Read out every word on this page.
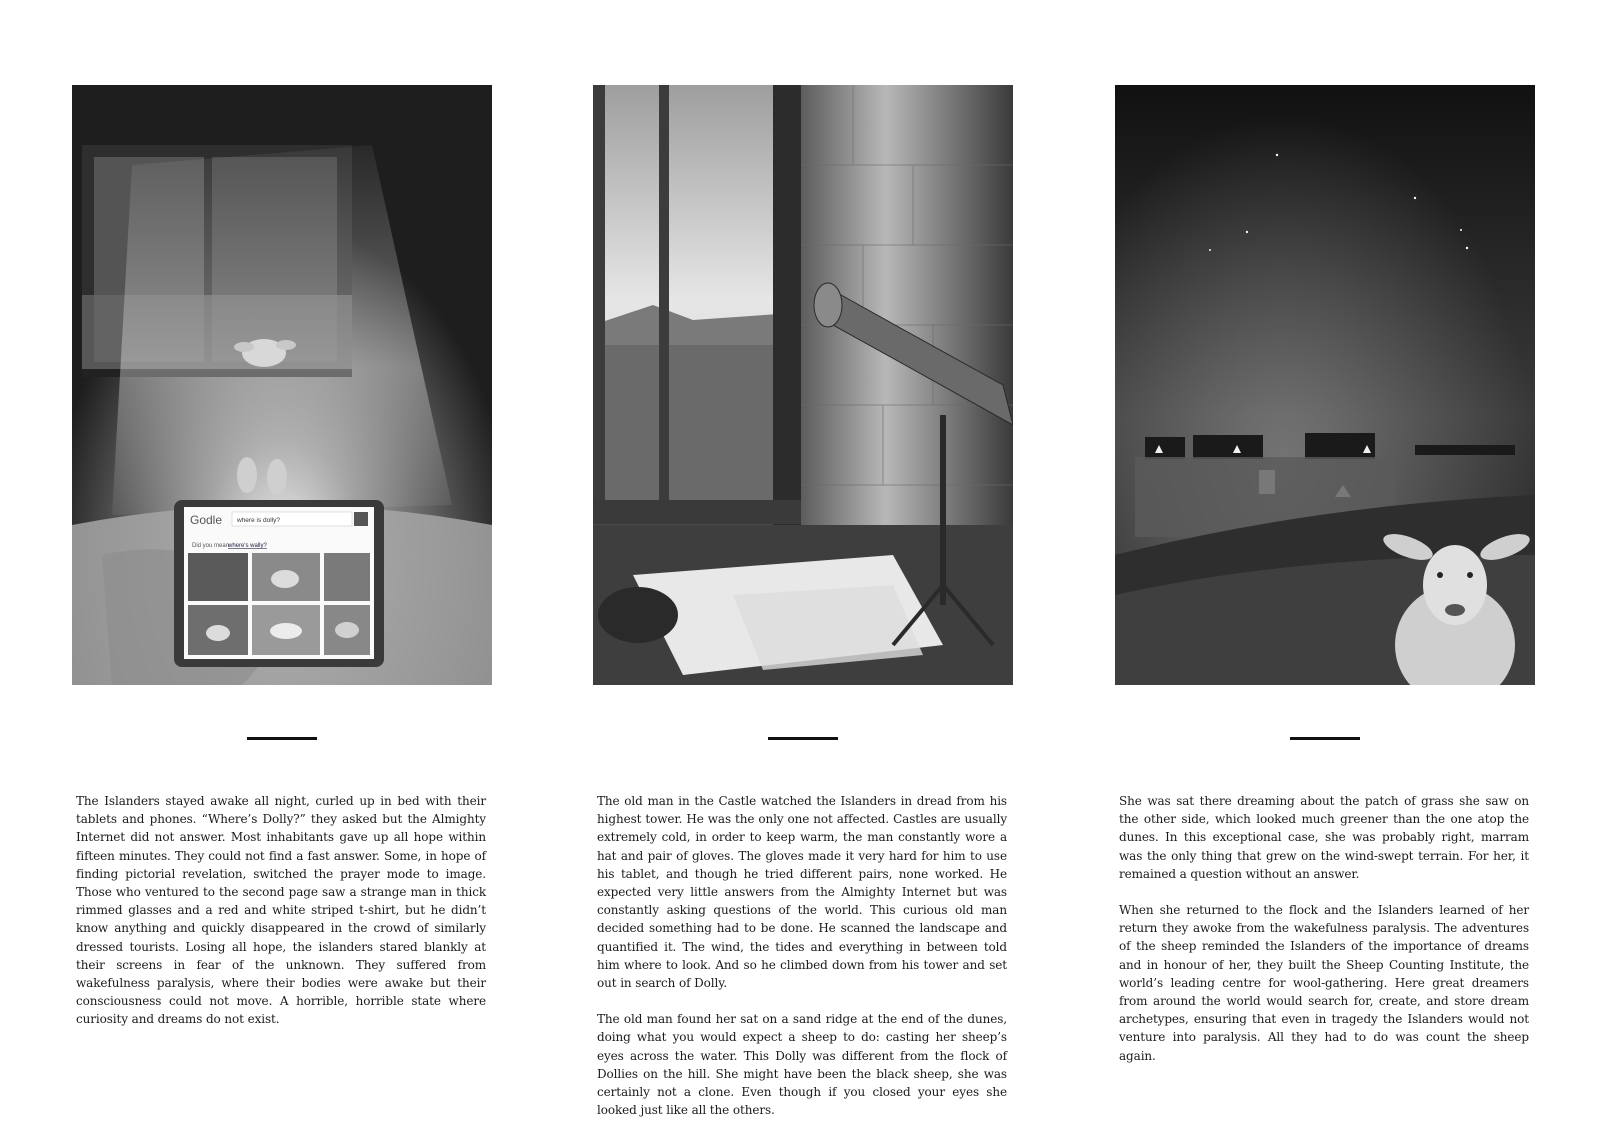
Godle where is dolly?
Did you mean
where's wally?

The Islanders stayed awake all night, curled up in bed with their tablets and phones. “Where’s Dolly?” they asked but the Almighty Internet did not answer. Most inhabitants gave up all hope within fifteen minutes. They could not find a fast answer. Some, in hope of finding pictorial revelation, switched the prayer mode to image. Those who ventured to the second page saw a strange man in thick rimmed glasses and a red and white striped t-shirt, but he didn’t know anything and quickly disappeared in the crowd of similarly dressed tourists. Losing all hope, the islanders stared blankly at their screens in fear of the unknown. They suffered from wakefulness paralysis, where their bodies were awake but their consciousness could not move. A horrible, horrible state where curiosity and dreams do not exist.

The old man in the Castle watched the Islanders in dread from his highest tower. He was the only one not affected. Castles are usually extremely cold, in order to keep warm, the man constantly wore a hat and pair of gloves. The gloves made it very hard for him to use his tablet, and though he tried different pairs, none worked. He expected very little answers from the Almighty Internet but was constantly asking questions of the world. This curious old man decided something had to be done. He scanned the landscape and quantified it. The wind, the tides and everything in between told him where to look. And so he climbed down from his tower and set out in search of Dolly.

The old man found her sat on a sand ridge at the end of the dunes, doing what you would expect a sheep to do: casting her sheep’s eyes across the water. This Dolly was different from the flock of Dollies on the hill. She might have been the black sheep, she was certainly not a clone. Even though if you closed your eyes she looked just like all the others.

She was sat there dreaming about the patch of grass she saw on the other side, which looked much greener than the one atop the dunes. In this exceptional case, she was probably right, marram was the only thing that grew on the wind-swept terrain. For her, it remained a question without an answer.

When she returned to the flock and the Islanders learned of her return they awoke from the wakefulness paralysis. The adventures of the sheep reminded the Islanders of the importance of dreams and in honour of her, they built the Sheep Counting Institute, the world’s leading centre for wool-gathering. Here great dreamers from around the world would search for, create, and store dream archetypes, ensuring that even in tragedy the Islanders would not venture into paralysis. All they had to do was count the sheep again.
